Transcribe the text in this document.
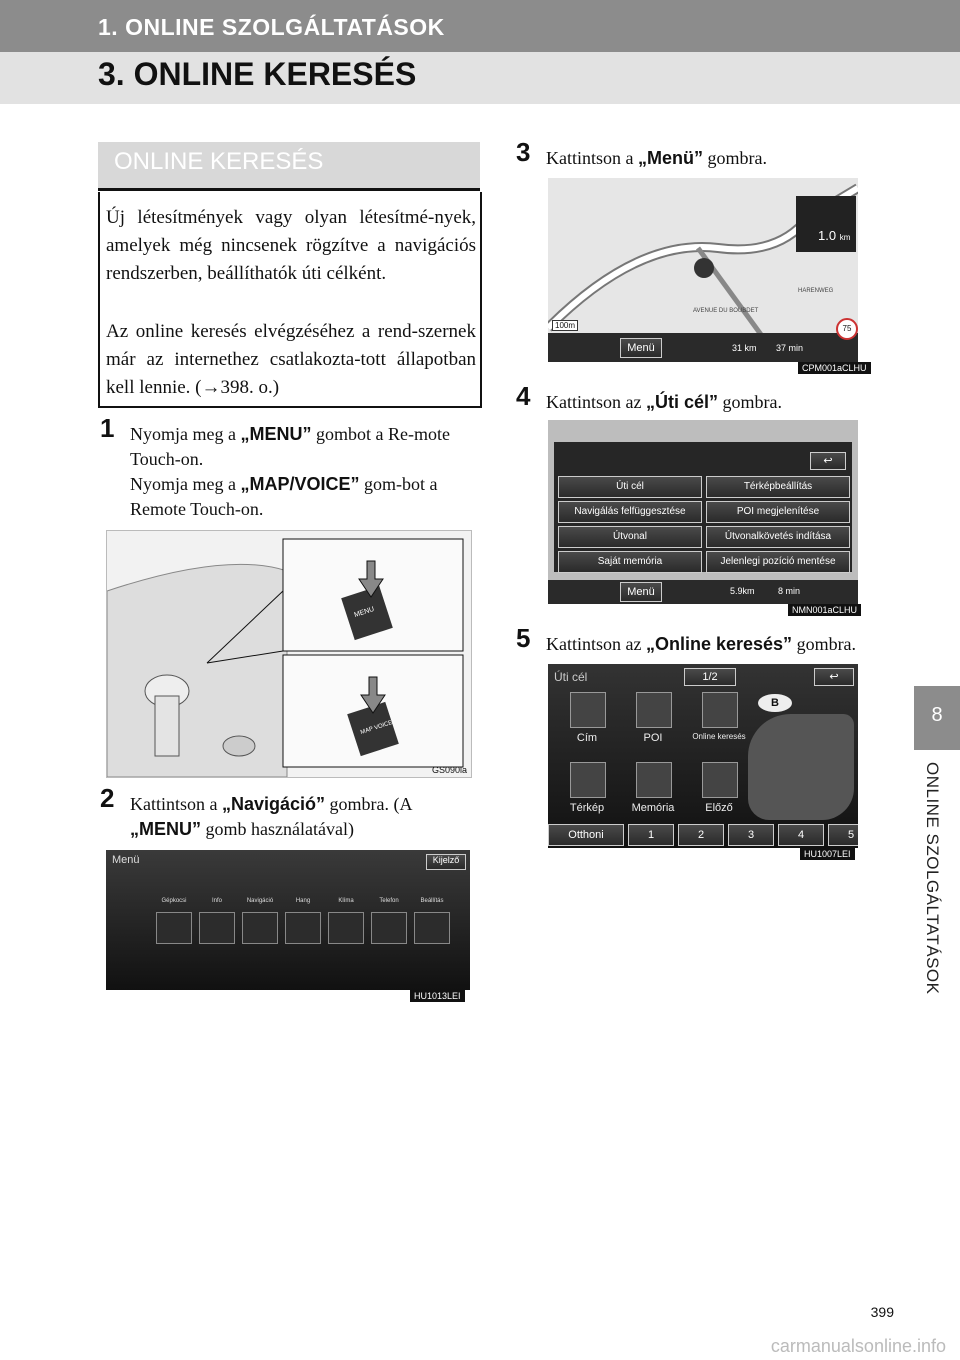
1. ONLINE SZOLGÁLTATÁSOK
3. ONLINE KERESÉS
8
ONLINE SZOLGÁLTATÁSOK
ONLINE KERESÉS

Új létesítmények vagy olyan létesítmé-nyek, amelyek még nincsenek rögzítve a navigációs rendszerben, beállíthatók úti célként.

Az online keresés elvégzéséhez a rend-szernek már az internethez csatlakozta-tott állapotban kell lennie. (→398. o.)

1 Nyomja meg a „MENU” gombot a Re-mote Touch-on.
Nyomja meg a „MAP/VOICE” gom-bot a Remote Touch-on.
MENU
MAP VOICE
GS090la
2 Kattintson a „Navigáció” gombra. (A
„MENU” gomb használatával)
Menü	Kijelző
Gépkocsi	Info	Navigáció	Hang	Klíma	Telefon	Beállítás
HU1013LEI
3 Kattintson a „Menü” gombra.
1.0 km
HARENWEG
AVENUE DU BOUBDET
100m	75
Menü	31 km 37 min
CPM001aCLHU
4 Kattintson az „Úti cél” gombra.
Úti cél	Térképbeállítás
Navigálás felfüggesztése	POI megjelenítése
Útvonal	Útvonalkövetés indítása
Saját memória	Jelenlegi pozíció mentése
↩
Menü	5.9km	8 min
NMN001aCLHU
5 Kattintson az „Online keresés” gombra.
Úti cél	1/2	↩
B
Cím	POI	Online keresés
Térkép	Memória	Előző
Otthoni	1	2	3	4	5
HU1007LEI
399
carmanualsonline.info
